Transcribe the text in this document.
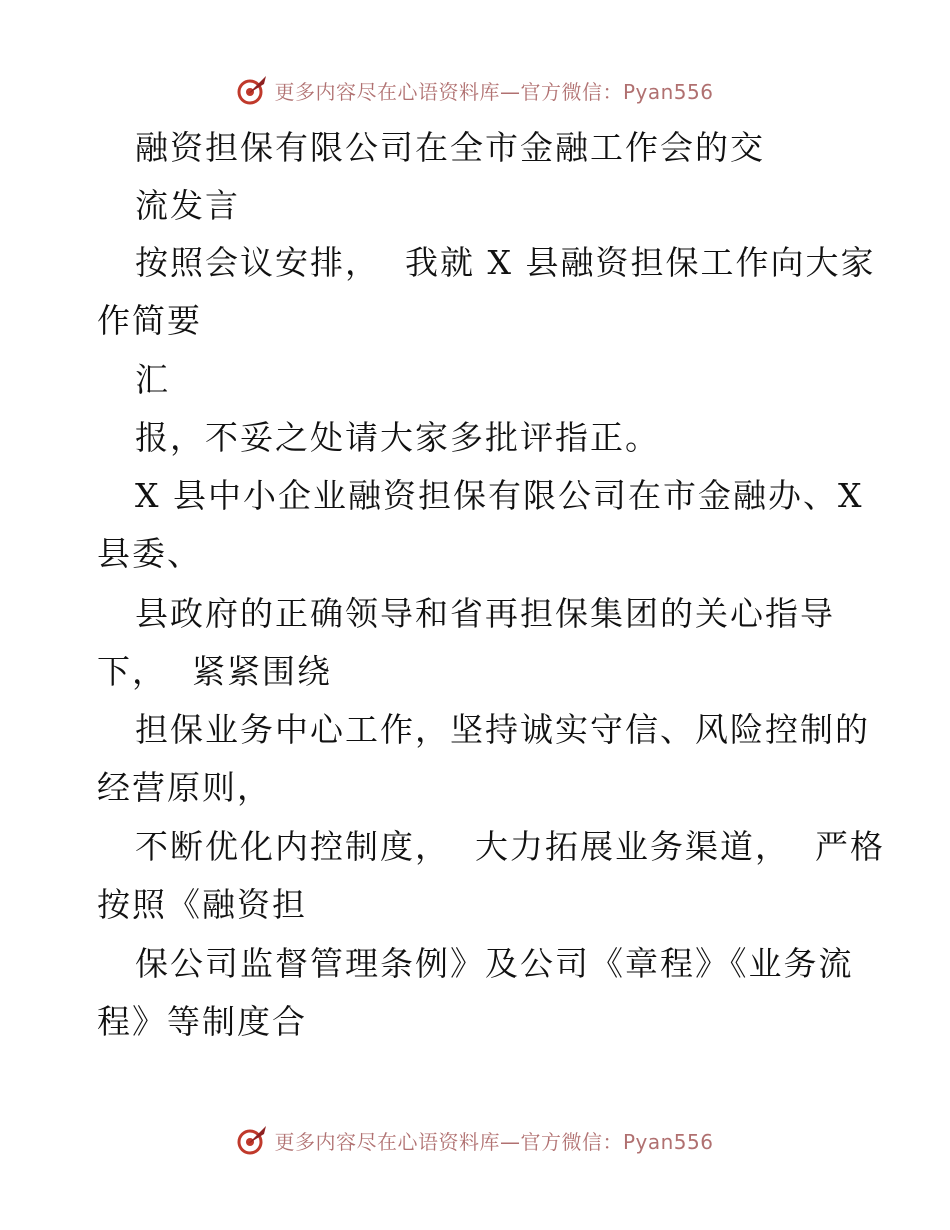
更多内容尽在心语资料库—官方微信：Pyan556
融资担保有限公司在全市金融工作会的交
流发言
按照会议安排，  我就 X 县融资担保工作向大家
作简要
汇
报，不妥之处请大家多批评指正。
X 县中小企业融资担保有限公司在市金融办、X
县委、
县政府的正确领导和省再担保集团的关心指导
下，  紧紧围绕
担保业务中心工作，坚持诚实守信、风险控制的
经营原则，
不断优化内控制度，  大力拓展业务渠道，  严格
按照《融资担
保公司监督管理条例》及公司《章程》《业务流
程》等制度合
更多内容尽在心语资料库—官方微信：Pyan556
